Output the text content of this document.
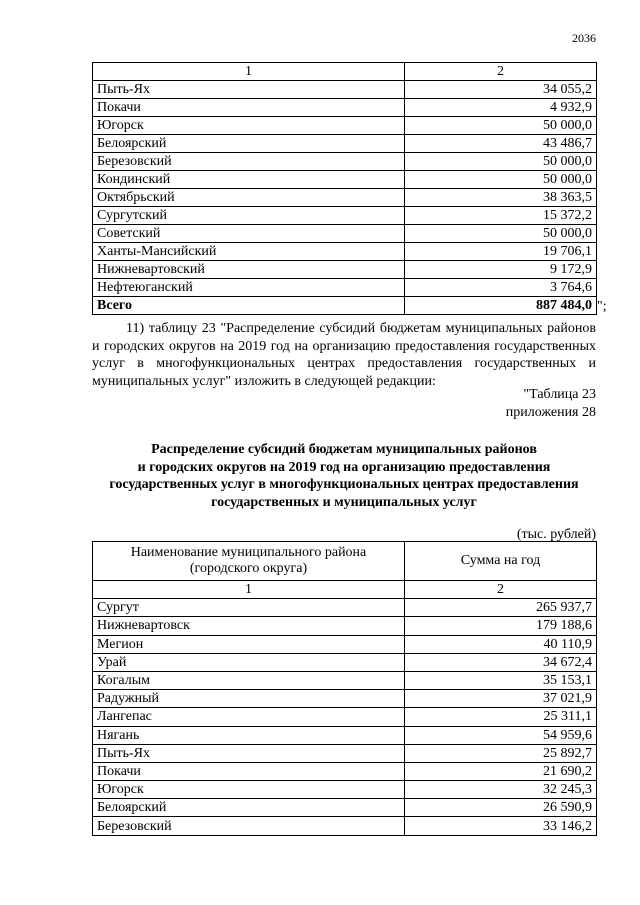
2036
1	2
Пыть-Ях	34 055,2
Покачи	4 932,9
Югорск	50 000,0
Белоярский	43 486,7
Березовский	50 000,0
Кондинский	50 000,0
Октябрьский	38 363,5
Сургутский	15 372,2
Советский	50 000,0
Ханты-Мансийский	19 706,1
Нижневартовский	9 172,9
Нефтеюганский	3 764,6
Всего	887 484,0 ";
11) таблицу 23 "Распределение субсидий бюджетам муниципальных районов и городских округов на 2019 год на организацию предоставления государственных услуг в многофункциональных центрах предоставления государственных и муниципальных услуг" изложить в следующей редакции:
"Таблица 23
приложения 28
Распределение субсидий бюджетам муниципальных районов
и городских округов на 2019 год на организацию предоставления
государственных услуг в многофункциональных центрах предоставления
государственных и муниципальных услуг
(тыс. рублей)
Наименование муниципального района (городского округа)	Сумма на год
1	2
Сургут	265 937,7
Нижневартовск	179 188,6
Мегион	40 110,9
Урай	34 672,4
Когалым	35 153,1
Радужный	37 021,9
Лангепас	25 311,1
Нягань	54 959,6
Пыть-Ях	25 892,7
Покачи	21 690,2
Югорск	32 245,3
Белоярский	26 590,9
Березовский	33 146,2
